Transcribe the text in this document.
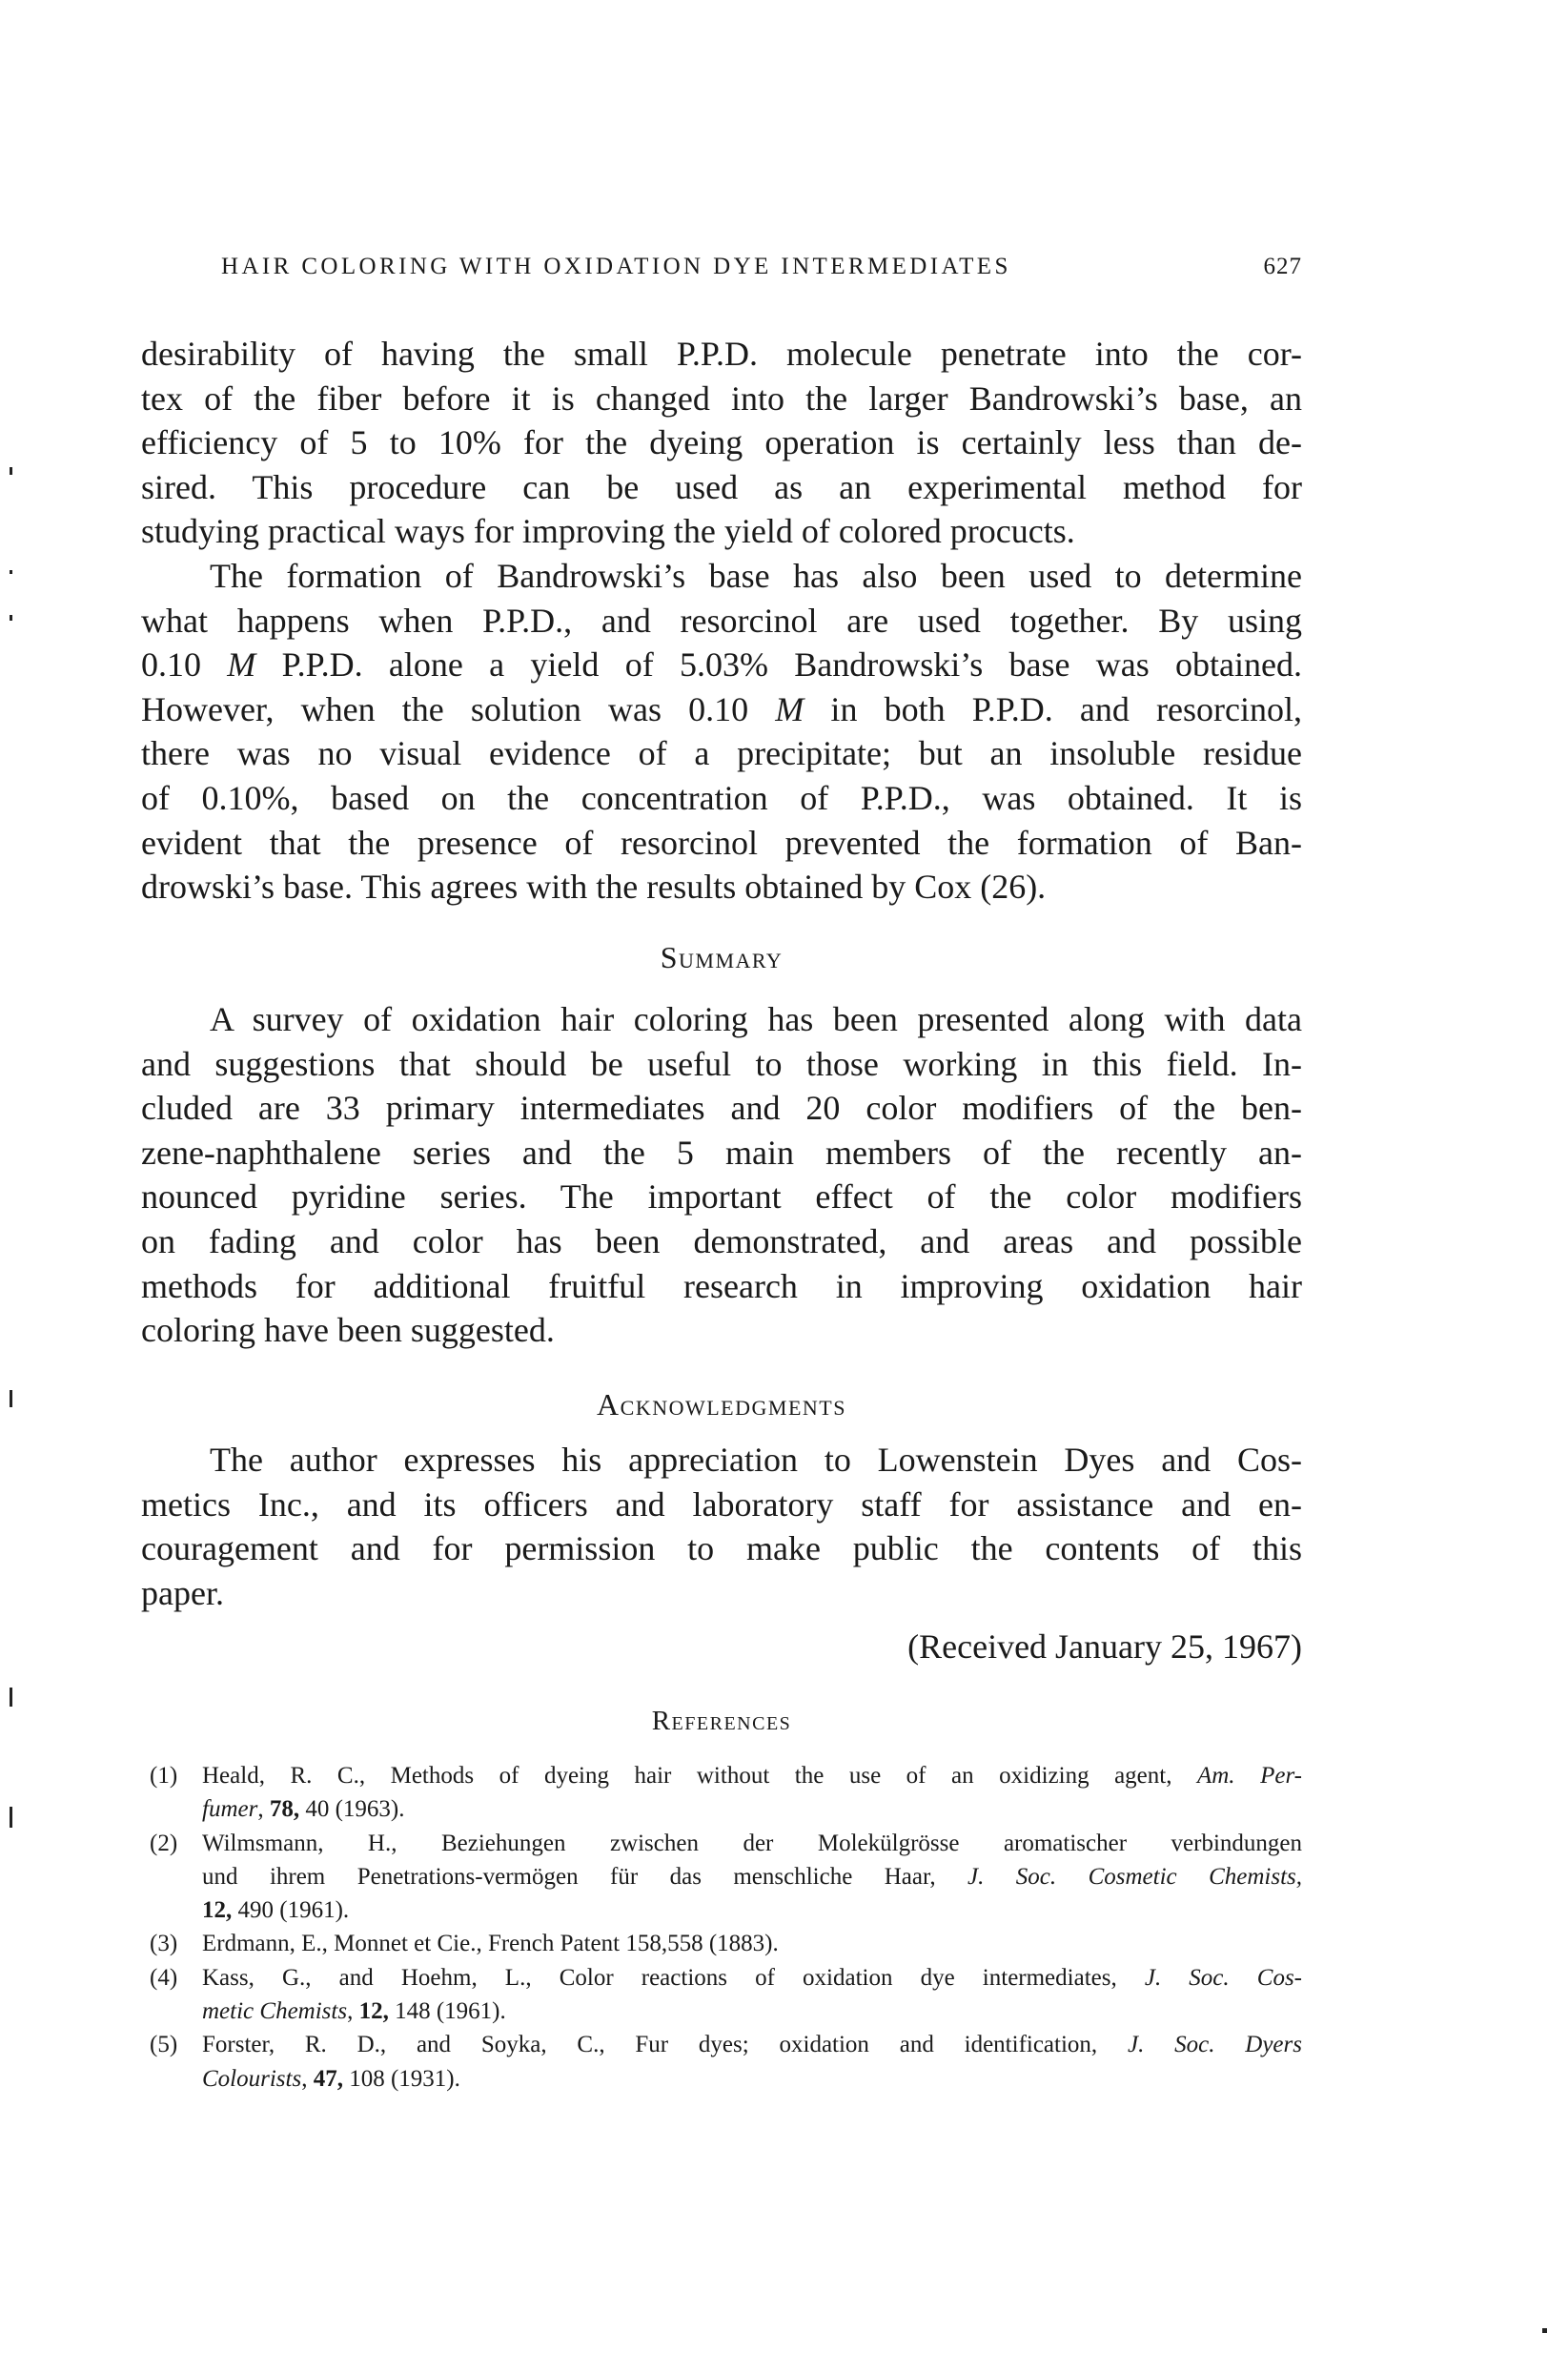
HAIR COLORING WITH OXIDATION DYE INTERMEDIATES	627
desirability of having the small P.P.D. molecule penetrate into the cor-
tex of the fiber before it is changed into the larger Bandrowski’s base, an
efficiency of 5 to 10% for the dyeing operation is certainly less than de-
sired. This procedure can be used as an experimental method for
studying practical ways for improving the yield of colored procucts.
The formation of Bandrowski’s base has also been used to determine
what happens when P.P.D., and resorcinol are used together. By using
0.10 M P.P.D. alone a yield of 5.03% Bandrowski’s base was obtained.
However, when the solution was 0.10 M in both P.P.D. and resorcinol,
there was no visual evidence of a precipitate; but an insoluble residue
of 0.10%, based on the concentration of P.P.D., was obtained. It is
evident that the presence of resorcinol prevented the formation of Ban-
drowski’s base. This agrees with the results obtained by Cox (26).
Summary
A survey of oxidation hair coloring has been presented along with data
and suggestions that should be useful to those working in this field. In-
cluded are 33 primary intermediates and 20 color modifiers of the ben-
zene-naphthalene series and the 5 main members of the recently an-
nounced pyridine series. The important effect of the color modifiers
on fading and color has been demonstrated, and areas and possible
methods for additional fruitful research in improving oxidation hair
coloring have been suggested.
Acknowledgments
The author expresses his appreciation to Lowenstein Dyes and Cos-
metics Inc., and its officers and laboratory staff for assistance and en-
couragement and for permission to make public the contents of this
paper.
(Received January 25, 1967)
References
(1) Heald, R. C., Methods of dyeing hair without the use of an oxidizing agent, Am. Per-
fumer, 78, 40 (1963).
(2) Wilmsmann, H., Beziehungen zwischen der Molekülgrösse aromatischer verbindungen
und ihrem Penetrations-vermögen für das menschliche Haar, J. Soc. Cosmetic Chemists,
12, 490 (1961).
(3) Erdmann, E., Monnet et Cie., French Patent 158,558 (1883).
(4) Kass, G., and Hoehm, L., Color reactions of oxidation dye intermediates, J. Soc. Cos-
metic Chemists, 12, 148 (1961).
(5) Forster, R. D., and Soyka, C., Fur dyes; oxidation and identification, J. Soc. Dyers
Colourists, 47, 108 (1931).
